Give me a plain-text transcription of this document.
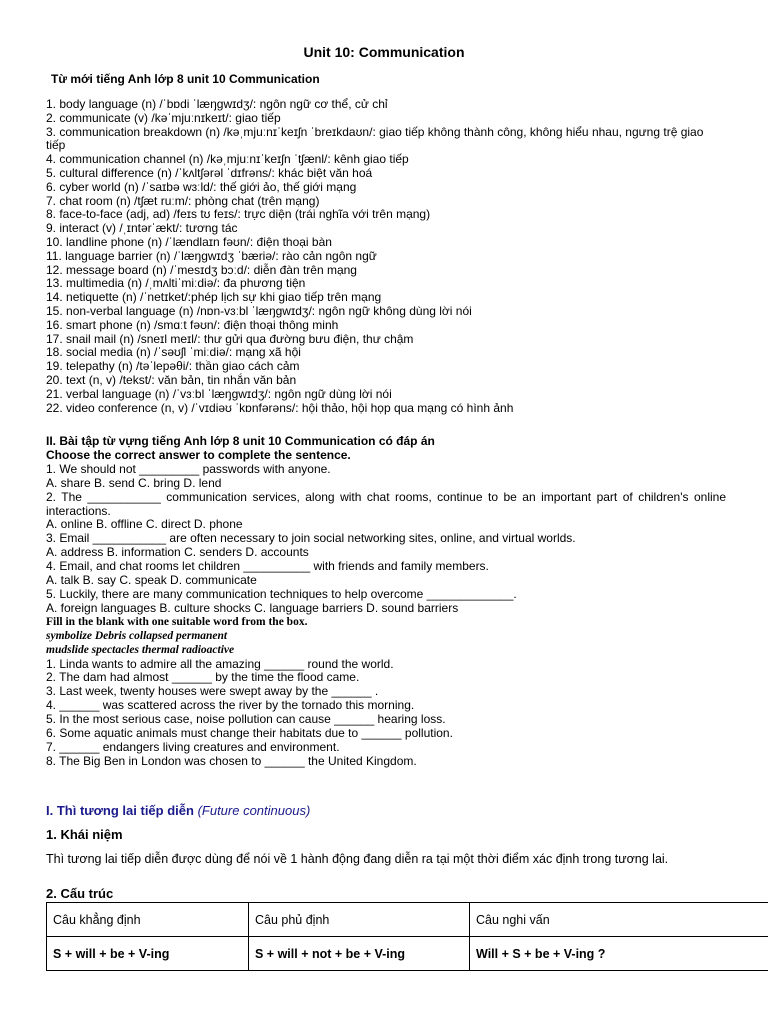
Unit 10: Communication
Từ mới tiếng Anh lớp 8 unit 10 Communication
1. body language (n) /ˈbɒdi ˈlæŋɡwɪdʒ/: ngôn ngữ cơ thể, cử chỉ
2. communicate (v) /kəˈmjuːnɪkeɪt/: giao tiếp
3. communication breakdown (n) /kəˌmjuːnɪˈkeɪʃn ˈbreɪkdaʊn/: giao tiếp không thành công, không hiểu nhau, ngưng trệ giao tiếp
4. communication channel (n) /kəˌmjuːnɪˈkeɪʃn ˈtʃænl/: kênh giao tiếp
5. cultural difference (n) /ˈkʌltʃərəl ˈdɪfrəns/: khác biệt văn hoá
6. cyber world (n) /ˈsaɪbə wɜːld/: thế giới ảo, thế giới mạng
7. chat room (n) /tʃæt ruːm/: phòng chat (trên mạng)
8. face-to-face (adj, ad) /feɪs tʊ feɪs/: trực diện (trái nghĩa với trên mạng)
9. interact (v) /ˌɪntərˈækt/: tương tác
10. landline phone (n) /ˈlændlaɪn fəʊn/: điện thoại bàn
11. language barrier (n) /ˈlæŋɡwɪdʒ ˈbæriə/: rào cản ngôn ngữ
12. message board (n) /ˈmesɪdʒ bɔːd/: diễn đàn trên mạng
13. multimedia (n) /ˌmʌltiˈmiːdiə/: đa phương tiện
14. netiquette (n) /ˈnetɪket/:phép lịch sự khi giao tiếp trên mạng
15. non-verbal language (n) /nɒn-vɜːbl ˈlæŋɡwɪdʒ/: ngôn ngữ không dùng lời nói
16. smart phone (n) /smɑːt fəʊn/: điện thoại thông minh
17. snail mail (n) /sneɪl meɪl/: thư gửi qua đường bưu điện, thư chậm
18. social media (n) /ˈsəʊʃl ˈmiːdiə/: mạng xã hội
19. telepathy (n) /təˈlepəθi/: thần giao cách cảm
20. text (n, v) /tekst/: văn bản, tin nhắn văn bản
21. verbal language (n) /ˈvɜːbl ˈlæŋɡwɪdʒ/: ngôn ngữ dùng lời nói
22. video conference (n, v) /ˈvɪdiəʊ ˈkɒnfərəns/: hội thảo, hội họp qua mạng có hình ảnh
II. Bài tập từ vựng tiếng Anh lớp 8 unit 10 Communication có đáp án
Choose the correct answer to complete the sentence.
1. We should not _________ passwords with anyone.
A. share B. send C. bring D. lend
2. The ___________ communication services, along with chat rooms, continue to be an important part of children's online interactions.
A. online B. offline C. direct D. phone
3. Email ___________ are often necessary to join social networking sites, online, and virtual worlds.
A. address B. information C. senders D. accounts
4. Email, and chat rooms let children __________ with friends and family members.
A. talk B. say C. speak D. communicate
5. Luckily, there are many communication techniques to help overcome _____________.
A. foreign languages B. culture shocks C. language barriers D. sound barriers
Fill in the blank with one suitable word from the box.
symbolize Debris collapsed permanent
mudslide spectacles thermal radioactive
1. Linda wants to admire all the amazing ______ round the world.
2. The dam had almost ______ by the time the flood came.
3. Last week, twenty houses were swept away by the ______ .
4. ______ was scattered across the river by the tornado this morning.
5. In the most serious case, noise pollution can cause ______ hearing loss.
6. Some aquatic animals must change their habitats due to ______ pollution.
7. ______ endangers living creatures and environment.
8. The Big Ben in London was chosen to ______ the United Kingdom.
I. Thì tương lai tiếp diễn (Future continuous)
1. Khái niệm
Thì tương lai tiếp diễn được dùng để nói về 1 hành động đang diễn ra tại một thời điểm xác định trong tương lai.
2. Cấu trúc
Câu khẳng định	Câu phủ định	Câu nghi vấn
S + will + be + V-ing	S + will + not + be + V-ing	Will + S + be + V-ing ?
